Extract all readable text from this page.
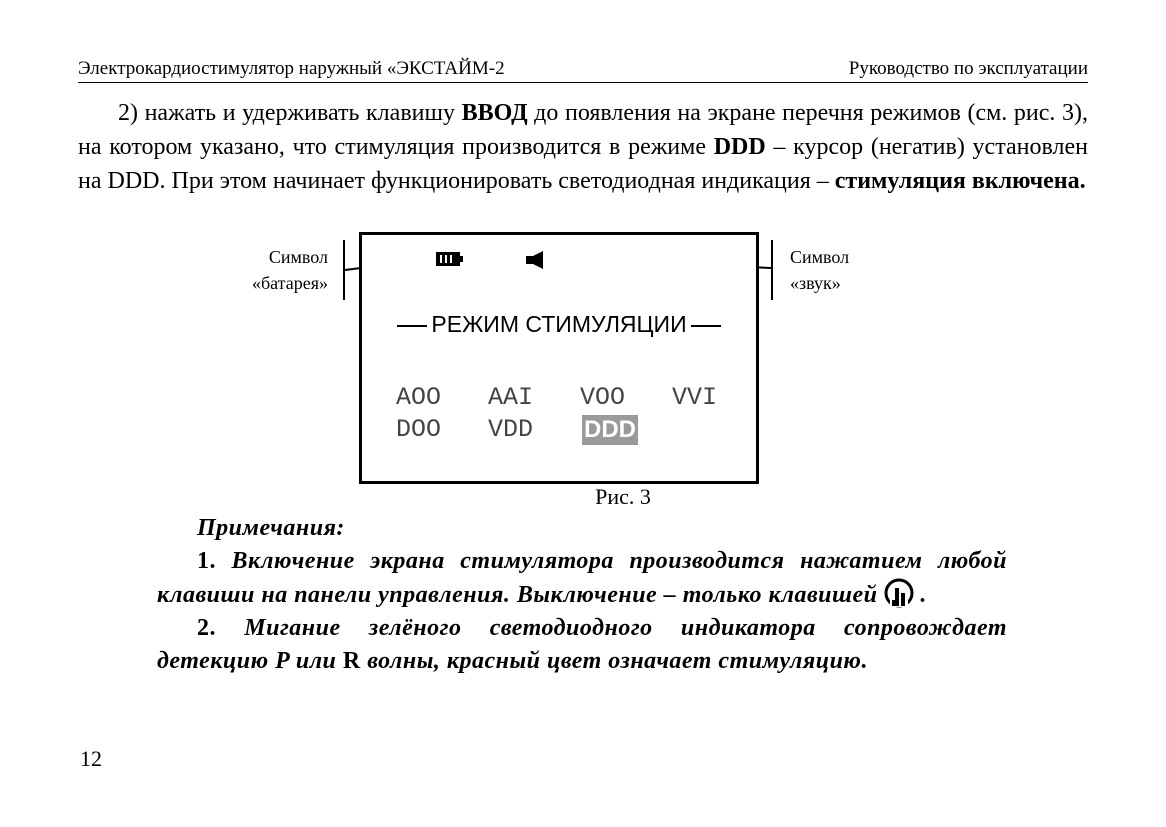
Электрокардиостимулятор наружный «ЭКСТАЙМ-2	Руководство по эксплуатации

2) нажать и удерживать клавишу ВВОД до появления на экране перечня режимов (см. рис. 3), на котором указано, что стимуляция производится в режиме DDD – курсор (негатив) установлен на DDD. При этом начинает функционировать светодиодная индикация – стимуляция включена.

Символ
«батарея»
Символ
«звук»
РЕЖИМ СТИМУЛЯЦИИ
AOO AAI VOO VVI
DOO VDD DDD
Рис. 3

Примечания:

1. Включение экрана стимулятора производится нажатием любой клавиши на панели управления. Выключение – только клавишей .

2. Мигание зелёного светодиодного индикатора сопровождает детекцию P или R волны, красный цвет означает стимуляцию.

12
